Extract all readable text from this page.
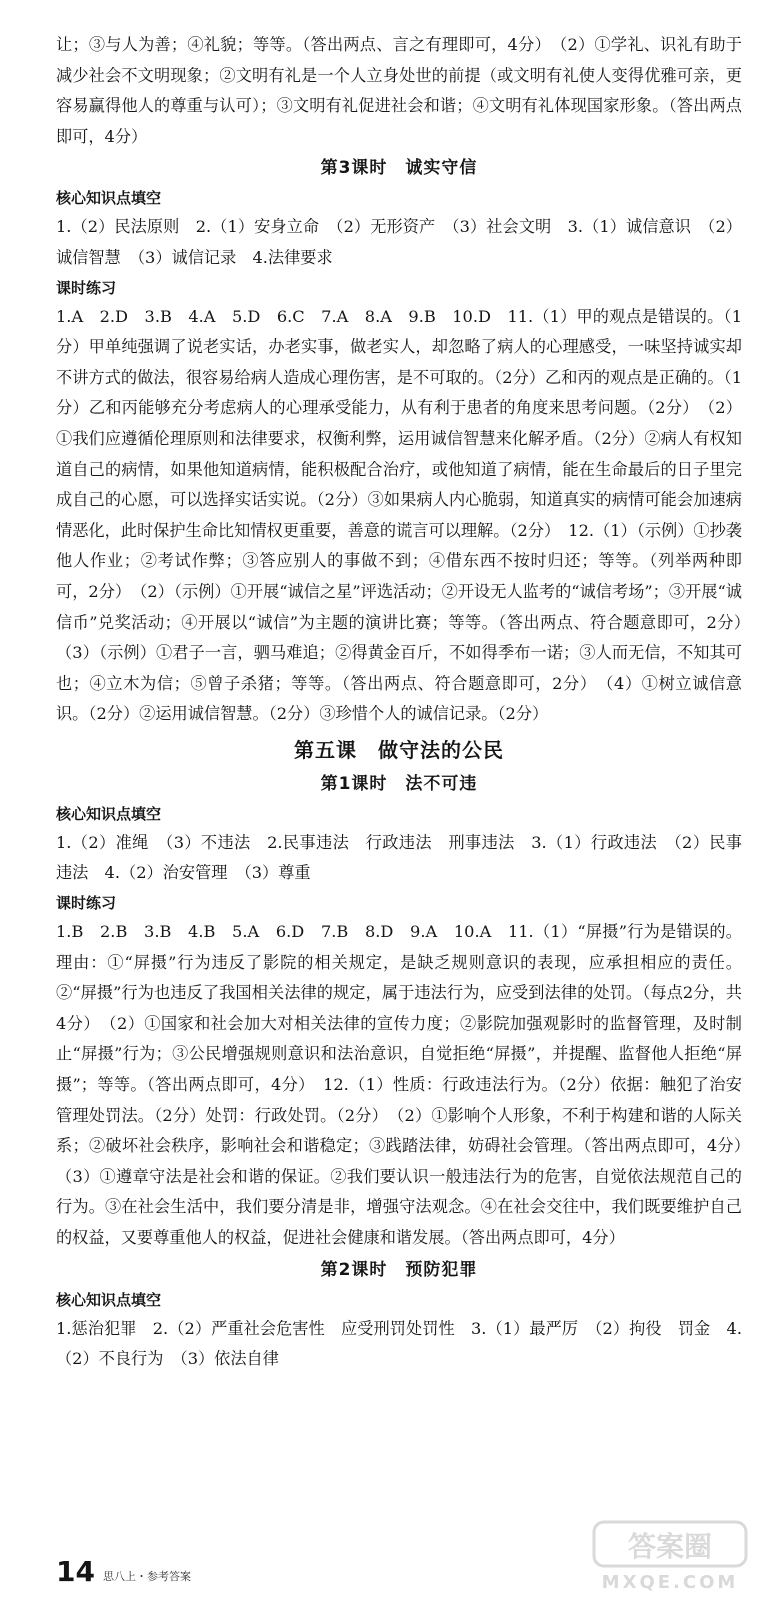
让；③与人为善；④礼貌；等等。（答出两点、言之有理即可，4分）　（2）①学礼、识礼有助于减少社会不文明现象；②文明有礼是一个人立身处世的前提（或文明有礼使人变得优雅可亲，更容易赢得他人的尊重与认可）；③文明有礼促进社会和谐；④文明有礼体现国家形象。（答出两点即可，4分）

第3课时　诚实守信
核心知识点填空

1.（2）民法原则　2.（1）安身立命　（2）无形资产　（3）社会文明　3.（1）诚信意识　（2）诚信智慧　（3）诚信记录　4.法律要求

课时练习

1.A　2.D　3.B　4.A　5.D　6.C　7.A　8.A　9.B　10.D　11.（1）甲的观点是错误的。（1分）甲单纯强调了说老实话，办老实事，做老实人，却忽略了病人的心理感受，一味坚持诚实却不讲方式的做法，很容易给病人造成心理伤害，是不可取的。（2分）乙和丙的观点是正确的。（1分）乙和丙能够充分考虑病人的心理承受能力，从有利于患者的角度来思考问题。（2分）　（2）①我们应遵循伦理原则和法律要求，权衡利弊，运用诚信智慧来化解矛盾。（2分）②病人有权知道自己的病情，如果他知道病情，能积极配合治疗，或他知道了病情，能在生命最后的日子里完成自己的心愿，可以选择实话实说。（2分）③如果病人内心脆弱，知道真实的病情可能会加速病情恶化，此时保护生命比知情权更重要，善意的谎言可以理解。（2分）　12.（1）（示例）①抄袭他人作业；②考试作弊；③答应别人的事做不到；④借东西不按时归还；等等。（列举两种即可，2分）　（2）（示例）①开展“诚信之星”评选活动；②开设无人监考的“诚信考场”；③开展“诚信币”兑奖活动；④开展以“诚信”为主题的演讲比赛；等等。（答出两点、符合题意即可，2分）　（3）（示例）①君子一言，驷马难追；②得黄金百斤，不如得季布一诺；③人而无信，不知其可也；④立木为信；⑤曾子杀猪；等等。（答出两点、符合题意即可，2分）　（4）①树立诚信意识。（2分）②运用诚信智慧。（2分）③珍惜个人的诚信记录。（2分）

第五课　做守法的公民
第1课时　法不可违
核心知识点填空

1.（2）准绳　（3）不违法　2.民事违法　行政违法　刑事违法　3.（1）行政违法　（2）民事违法　4.（2）治安管理　（3）尊重

课时练习

1.B　2.B　3.B　4.B　5.A　6.D　7.B　8.D　9.A　10.A　11.（1）“屏摄”行为是错误的。理由：①“屏摄”行为违反了影院的相关规定，是缺乏规则意识的表现，应承担相应的责任。②“屏摄”行为也违反了我国相关法律的规定，属于违法行为，应受到法律的处罚。（每点2分，共4分）　（2）①国家和社会加大对相关法律的宣传力度；②影院加强观影时的监督管理，及时制止“屏摄”行为；③公民增强规则意识和法治意识，自觉拒绝“屏摄”，并提醒、监督他人拒绝“屏摄”；等等。（答出两点即可，4分）　12.（1）性质：行政违法行为。（2分）依据：触犯了治安管理处罚法。（2分）处罚：行政处罚。（2分）　（2）①影响个人形象，不利于构建和谐的人际关系；②破坏社会秩序，影响社会和谐稳定；③践踏法律，妨碍社会管理。（答出两点即可，4分）　（3）①遵章守法是社会和谐的保证。②我们要认识一般违法行为的危害，自觉依法规范自己的行为。③在社会生活中，我们要分清是非，增强守法观念。④在社会交往中，我们既要维护自己的权益，又要尊重他人的权益，促进社会健康和谐发展。（答出两点即可，4分）

第2课时　预防犯罪
核心知识点填空

1.惩治犯罪　2.（2）严重社会危害性　应受刑罚处罚性　3.（1）最严厉　（2）拘役　罚金　4.（2）不良行为　（3）依法自律

14 思八上・参考答案
答案圈
MXQE.COM
